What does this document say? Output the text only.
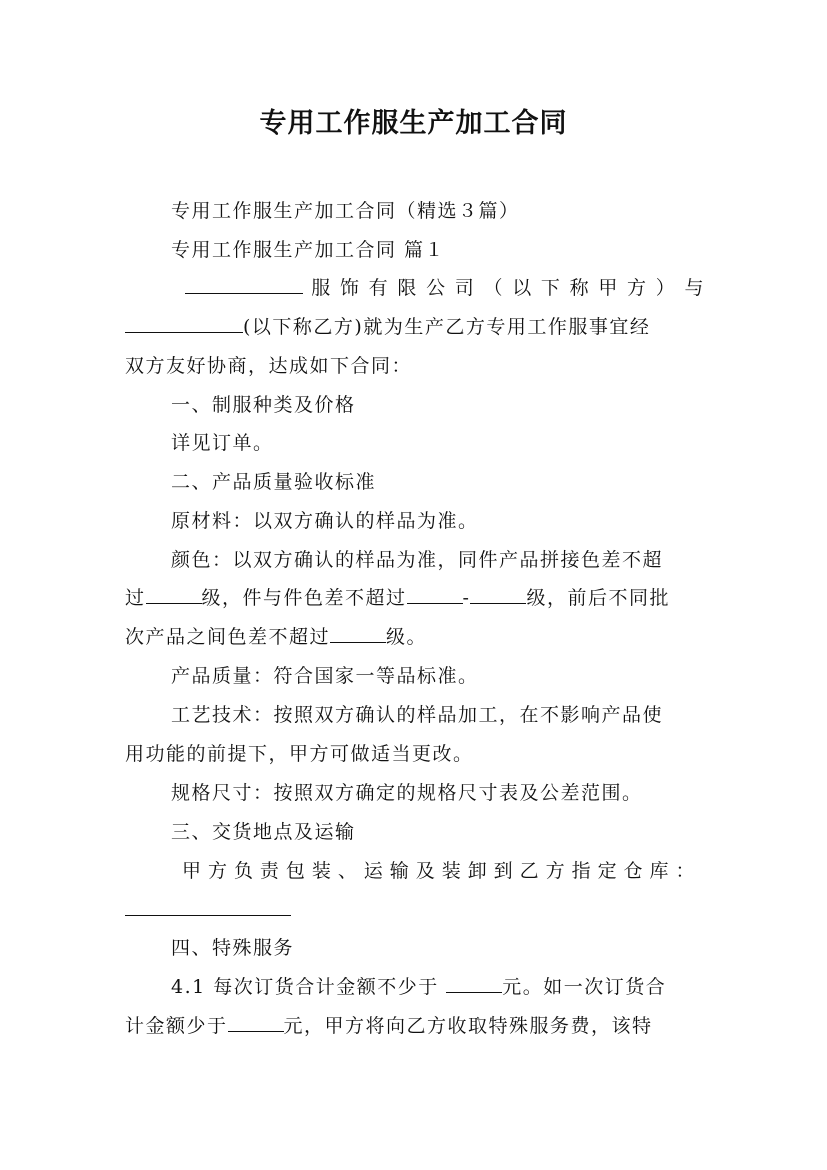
专用工作服生产加工合同
专用工作服生产加工合同（精选３篇）
专用工作服生产加工合同 篇１
服饰有限公司（以下称甲方）与
(以下称乙方)就为生产乙方专用工作服事宜经
双方友好协商，达成如下合同：
一、制服种类及价格
详见订单。
二、产品质量验收标准
原材料：以双方确认的样品为准。
颜色：以双方确认的样品为准，同件产品拼接色差不超
过	级，件与件色差不超过	-	级，前后不同批
次产品之间色差不超过	级。
产品质量：符合国家一等品标准。
工艺技术：按照双方确认的样品加工，在不影响产品使
用功能的前提下，甲方可做适当更改。
规格尺寸：按照双方确定的规格尺寸表及公差范围。
三、交货地点及运输
甲方负责包装、运输及装卸到乙方指定仓库：
四、特殊服务
4.1 每次订货合计金额不少于	元。如一次订货合
计金额少于	元，甲方将向乙方收取特殊服务费，该特
